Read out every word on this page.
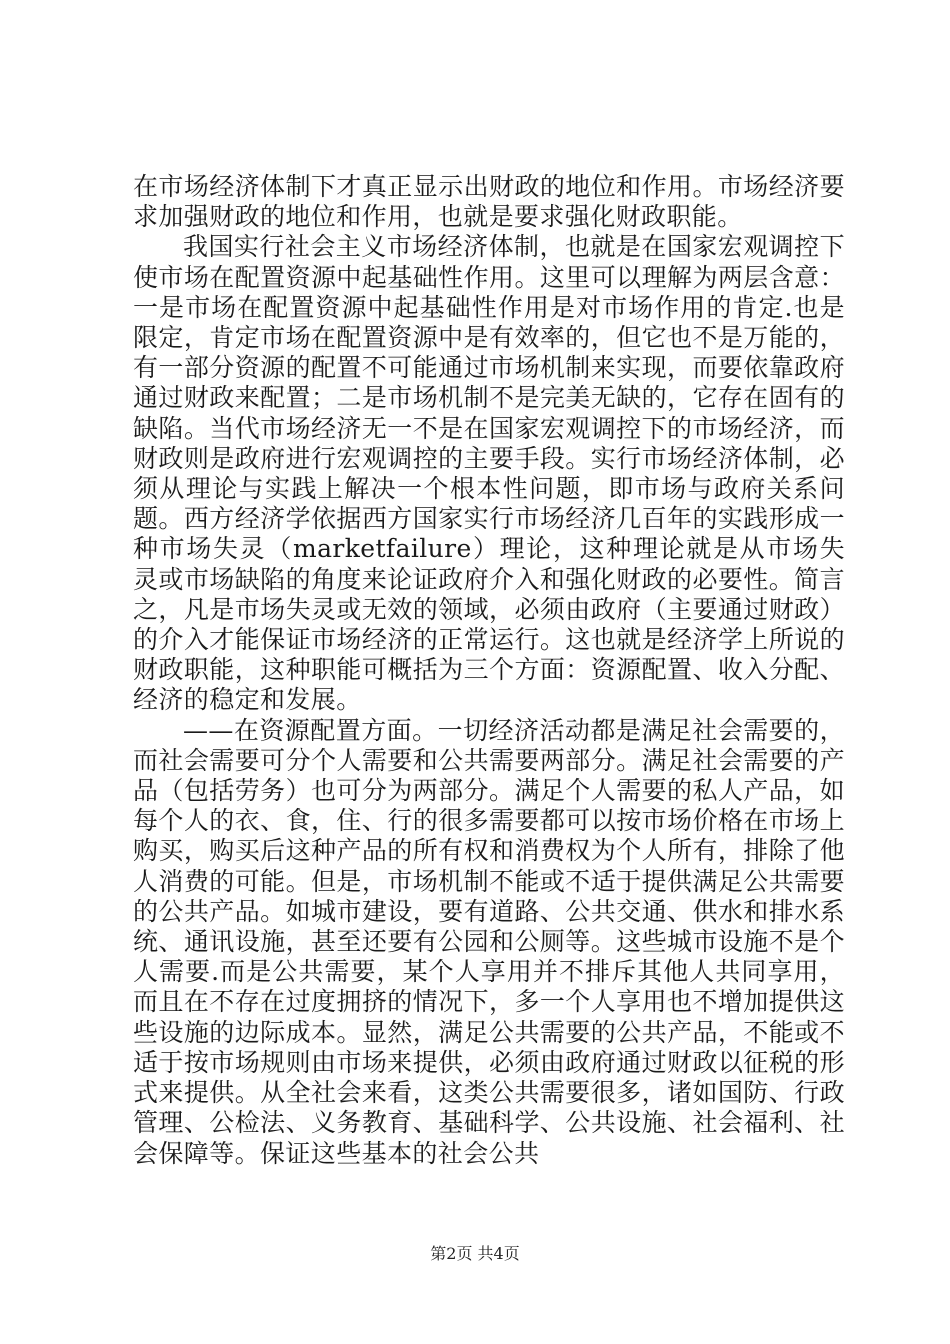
在市场经济体制下才真正显示出财政的地位和作用。市场经济要求加强财政的地位和作用，也就是要求强化财政职能。

我国实行社会主义市场经济体制，也就是在国家宏观调控下使市场在配置资源中起基础性作用。这里可以理解为两层含意：一是市场在配置资源中起基础性作用是对市场作用的肯定.也是限定，肯定市场在配置资源中是有效率的，但它也不是万能的，有一部分资源的配置不可能通过市场机制来实现，而要依靠政府通过财政来配置；二是市场机制不是完美无缺的，它存在固有的缺陷。当代市场经济无一不是在国家宏观调控下的市场经济，而财政则是政府进行宏观调控的主要手段。实行市场经济体制，必须从理论与实践上解决一个根本性问题，即市场与政府关系问题。西方经济学依据西方国家实行市场经济几百年的实践形成一种市场失灵（marketfailure）理论，这种理论就是从市场失灵或市场缺陷的角度来论证政府介入和强化财政的必要性。简言之，凡是市场失灵或无效的领域，必须由政府（主要通过财政）的介入才能保证市场经济的正常运行。这也就是经济学上所说的财政职能，这种职能可概括为三个方面：资源配置、收入分配、经济的稳定和发展。

——在资源配置方面。一切经济活动都是满足社会需要的，而社会需要可分个人需要和公共需要两部分。满足社会需要的产品（包括劳务）也可分为两部分。满足个人需要的私人产品，如每个人的衣、食，住、行的很多需要都可以按市场价格在市场上购买，购买后这种产品的所有权和消费权为个人所有，排除了他人消费的可能。但是，市场机制不能或不适于提供满足公共需要的公共产品。如城市建设，要有道路、公共交通、供水和排水系统、通讯设施，甚至还要有公园和公厕等。这些城市设施不是个人需要.而是公共需要，某个人享用并不排斥其他人共同享用，而且在不存在过度拥挤的情况下，多一个人享用也不增加提供这些设施的边际成本。显然，满足公共需要的公共产品，不能或不适于按市场规则由市场来提供，必须由政府通过财政以征税的形式来提供。从全社会来看，这类公共需要很多，诸如国防、行政管理、公检法、义务教育、基础科学、公共设施、社会福利、社会保障等。保证这些基本的社会公共

第2页 共4页
